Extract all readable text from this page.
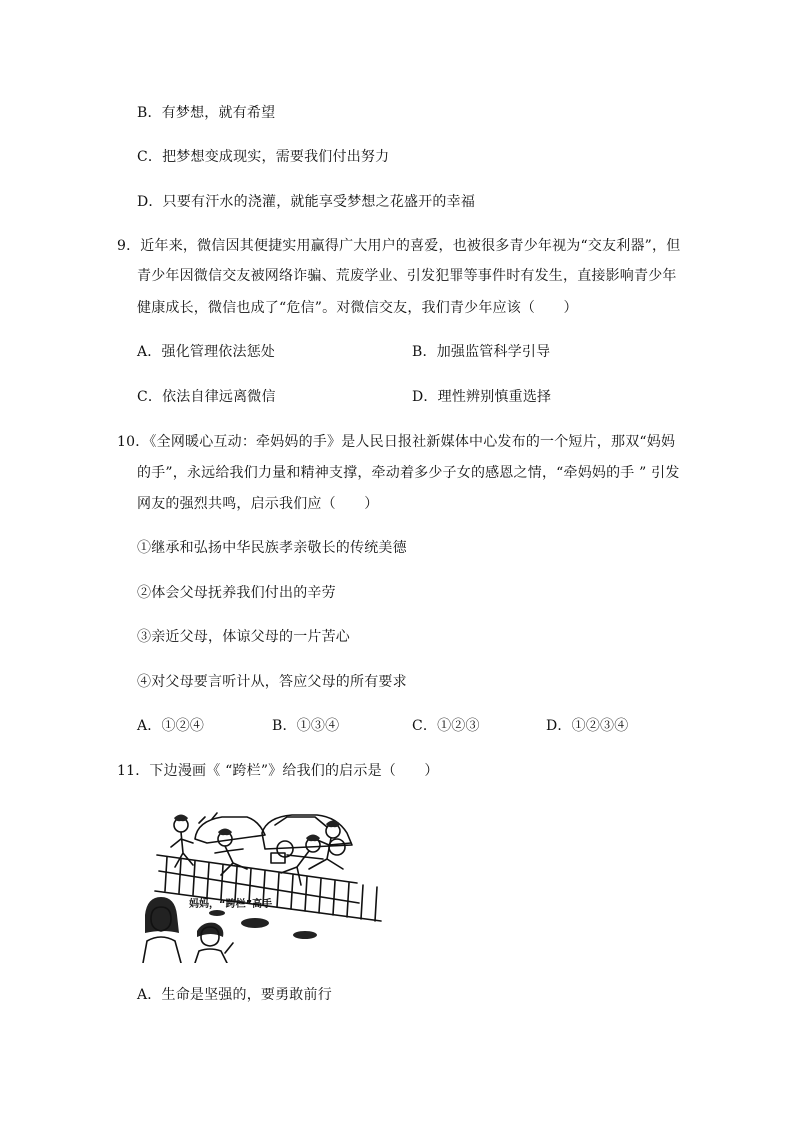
B．有梦想，就有希望
C．把梦想变成现实，需要我们付出努力
D．只要有汗水的浇灌，就能享受梦想之花盛开的幸福
9．近年来，微信因其便捷实用赢得广大用户的喜爱，也被很多青少年视为“交友利器”，但
青少年因微信交友被网络诈骗、荒废学业、引发犯罪等事件时有发生，直接影响青少年
健康成长，微信也成了“危信”。对微信交友，我们青少年应该（　　）
A．强化管理依法惩处	B．加强监管科学引导
C．依法自律远离微信	D．理性辨别慎重选择
10．《全网暖心互动：牵妈妈的手》是人民日报社新媒体中心发布的一个短片，那双“妈妈
的手”，永远给我们力量和精神支撑，牵动着多少子女的感恩之情，“牵妈妈的手 ” 引发
网友的强烈共鸣，启示我们应（　　）
①继承和弘扬中华民族孝亲敬长的传统美德
②体会父母抚养我们付出的辛劳
③亲近父母，体谅父母的一片苦心
④对父母要言听计从，答应父母的所有要求
A．①②④	B．①③④	C．①②③	D．①②③④
11．下边漫画《 “跨栏”》给我们的启示是（　　）
妈妈，“跨栏”高手
A．生命是坚强的，要勇敢前行
